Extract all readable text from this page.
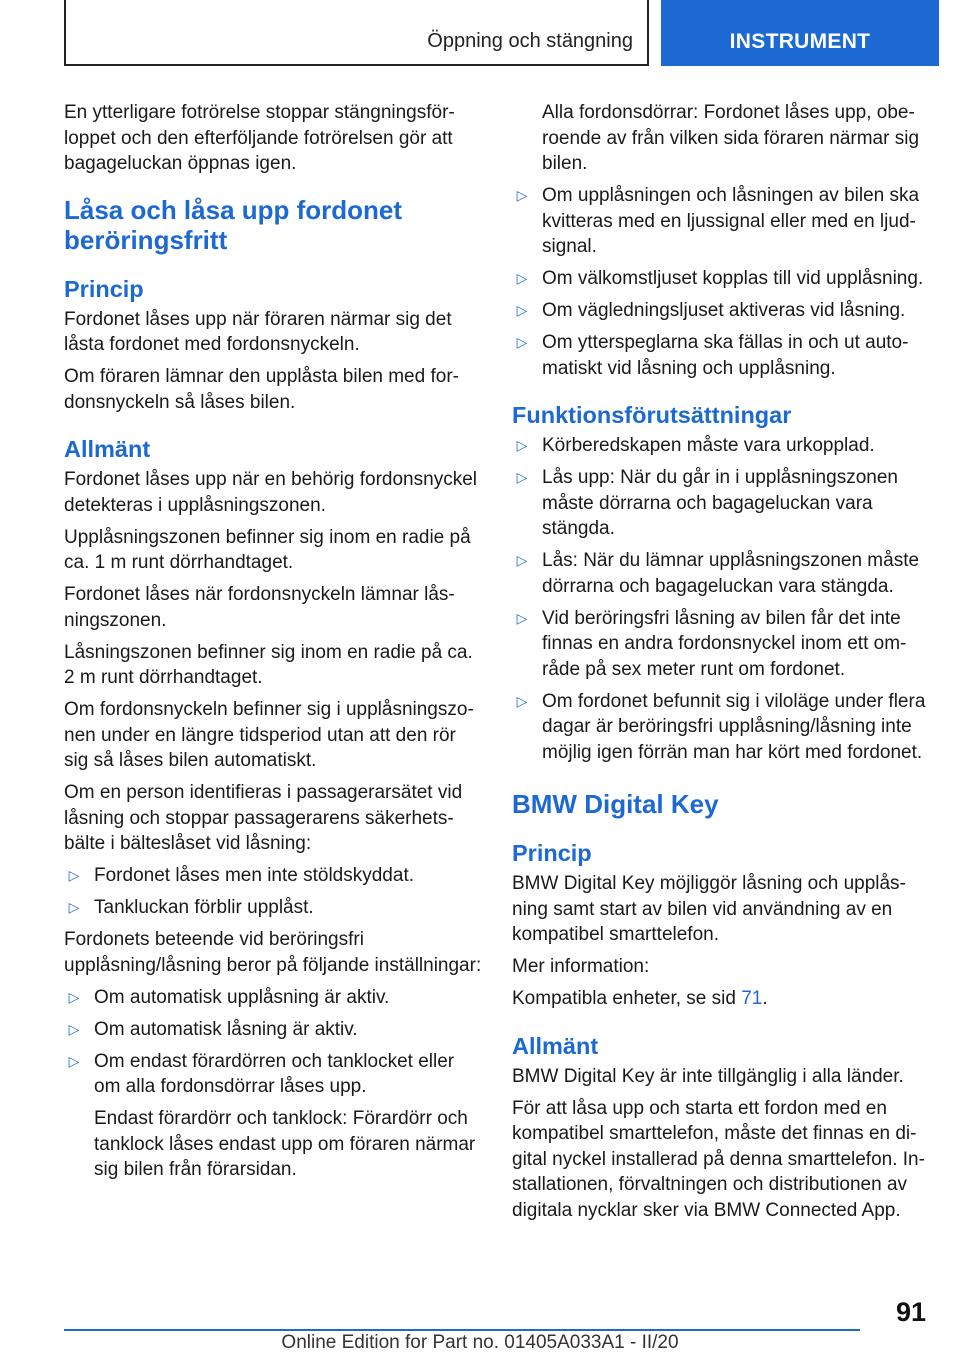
Öppning och stängning	INSTRUMENT

En ytterligare fotrörelse stoppar stängningsför-loppet och den efterföljande fotrörelsen gör att bagageluckan öppnas igen.

Låsa och låsa upp fordonet beröringsfritt
Princip

Fordonet låses upp när föraren närmar sig det låsta fordonet med fordonsnyckeln.

Om föraren lämnar den upplåsta bilen med for-donsnyckeln så låses bilen.

Allmänt

Fordonet låses upp när en behörig fordonsnyckel detekteras i upplåsningszonen.

Upplåsningszonen befinner sig inom en radie på ca. 1 m runt dörrhandtaget.

Fordonet låses när fordonsnyckeln lämnar lås-ningszonen.

Låsningszonen befinner sig inom en radie på ca. 2 m runt dörrhandtaget.

Om fordonsnyckeln befinner sig i upplåsningszo-nen under en längre tidsperiod utan att den rör sig så låses bilen automatiskt.

Om en person identifieras i passagerarsätet vid låsning och stoppar passagerarens säkerhets-bälte i bälteslåset vid låsning:

▷ Fordonet låses men inte stöldskyddat.
▷ Tankluckan förblir upplåst.

Fordonets beteende vid beröringsfri upplåsning/låsning beror på följande inställningar:

▷ Om automatisk upplåsning är aktiv.
▷ Om automatisk låsning är aktiv.
▷ Om endast förardörren och tanklocket eller om alla fordonsdörrar låses upp.
Endast förardörr och tanklock: Förardörr och tanklock låses endast upp om föraren närmar sig bilen från förarsidan.

Alla fordonsdörrar: Fordonet låses upp, obe-roende av från vilken sida föraren närmar sig bilen.

▷ Om upplåsningen och låsningen av bilen ska kvitteras med en ljussignal eller med en ljud-signal.
▷ Om välkomstljuset kopplas till vid upplåsning.
▷ Om vägledningsljuset aktiveras vid låsning.
▷ Om ytterspeglarna ska fällas in och ut auto-matiskt vid låsning och upplåsning.
Funktionsförutsättningar
▷ Körberedskapen måste vara urkopplad.
▷ Lås upp: När du går in i upplåsningszonen måste dörrarna och bagageluckan vara stängda.
▷ Lås: När du lämnar upplåsningszonen måste dörrarna och bagageluckan vara stängda.
▷ Vid beröringsfri låsning av bilen får det inte finnas en andra fordonsnyckel inom ett om-råde på sex meter runt om fordonet.
▷ Om fordonet befunnit sig i viloläge under flera dagar är beröringsfri upplåsning/låsning inte möjlig igen förrän man har kört med fordonet.
BMW Digital Key
Princip

BMW Digital Key möjliggör låsning och upplås-ning samt start av bilen vid användning av en kompatibel smarttelefon.

Mer information:

Kompatibla enheter, se sid 71.

Allmänt

BMW Digital Key är inte tillgänglig i alla länder.

För att låsa upp och starta ett fordon med en kompatibel smarttelefon, måste det finnas en di-gital nyckel installerad på denna smarttelefon. In-stallationen, förvaltningen och distributionen av digitala nycklar sker via BMW Connected App.

91
Online Edition for Part no. 01405A033A1 - II/20
